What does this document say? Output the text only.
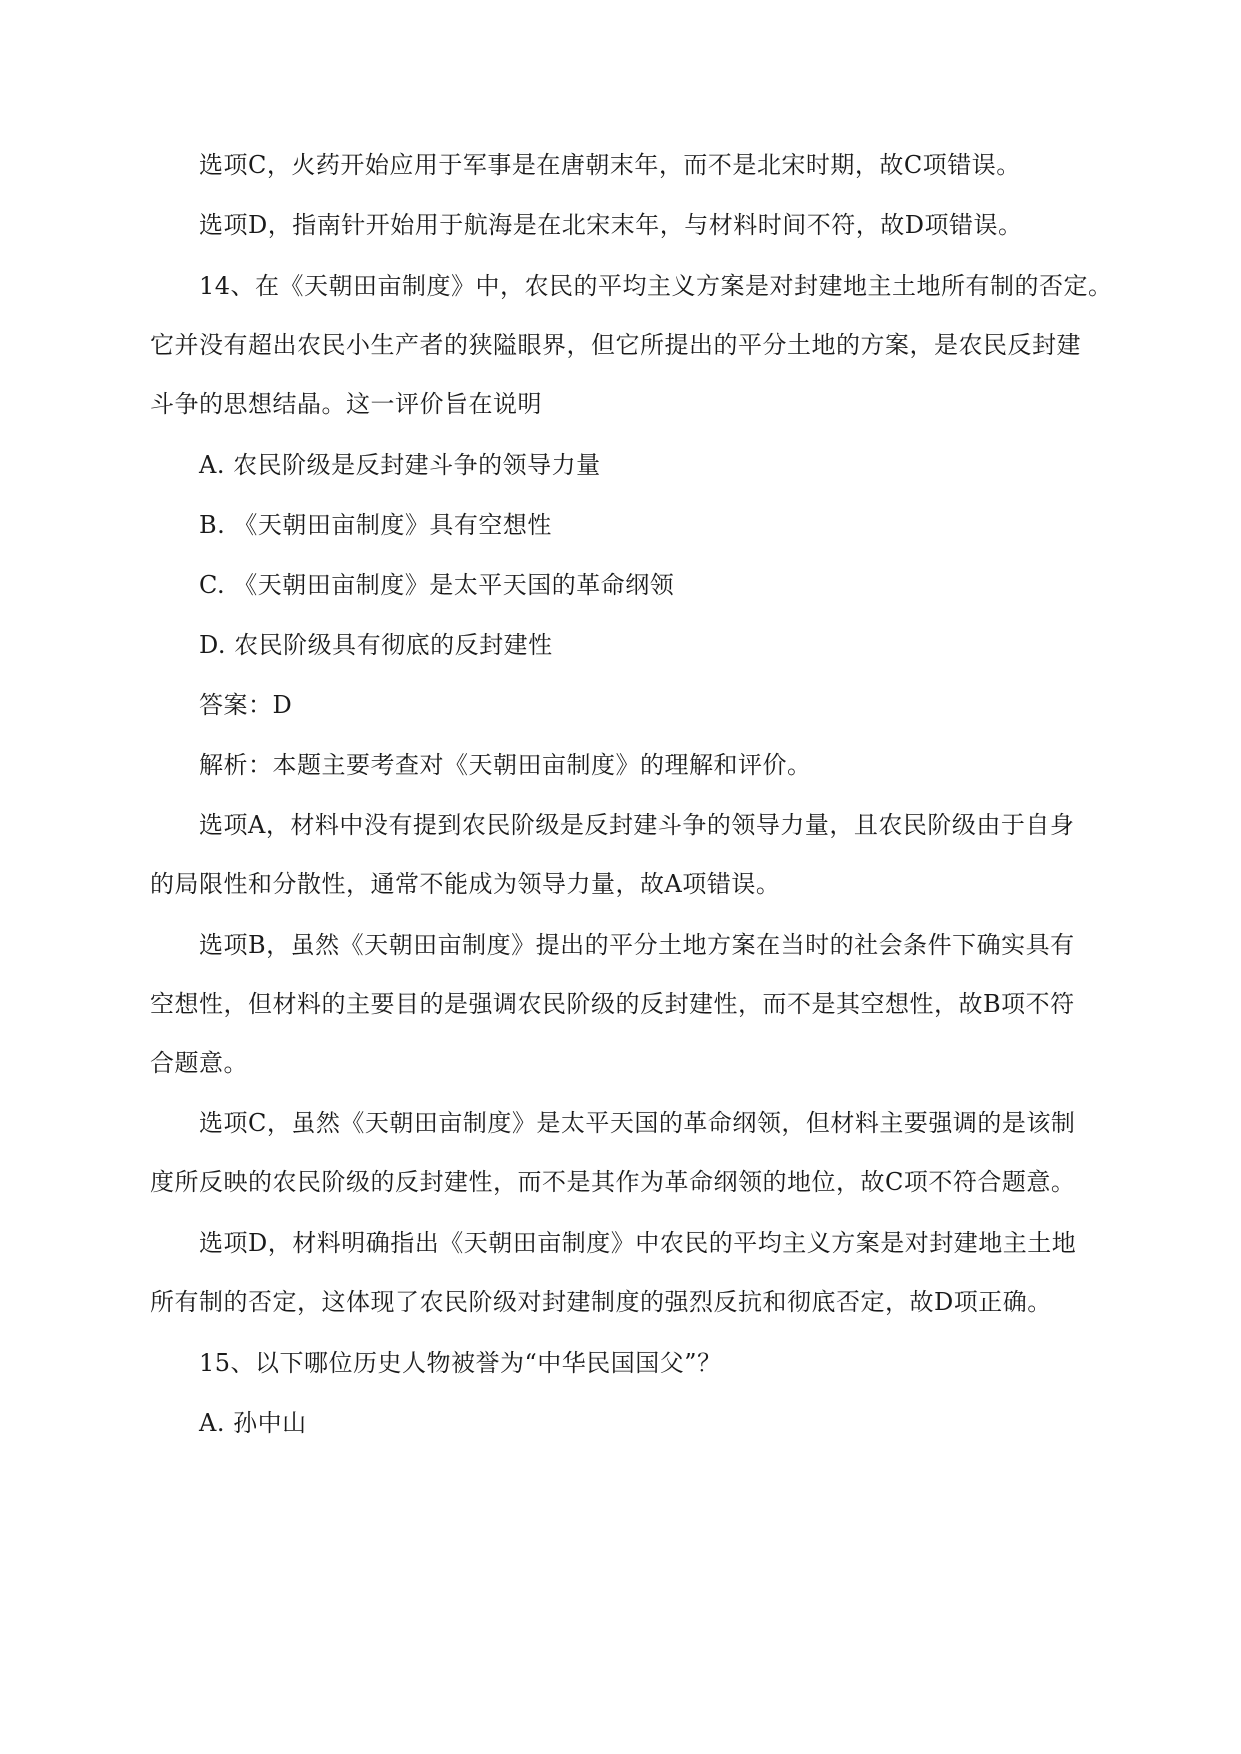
选项C，火药开始应用于军事是在唐朝末年，而不是北宋时期，故C项错误。
选项D，指南针开始用于航海是在北宋末年，与材料时间不符，故D项错误。
14、在《天朝田亩制度》中，农民的平均主义方案是对封建地主土地所有制的否定。
它并没有超出农民小生产者的狭隘眼界，但它所提出的平分土地的方案，是农民反封建
斗争的思想结晶。这一评价旨在说明
A. 农民阶级是反封建斗争的领导力量
B. 《天朝田亩制度》具有空想性
C. 《天朝田亩制度》是太平天国的革命纲领
D. 农民阶级具有彻底的反封建性
答案：D
解析：本题主要考查对《天朝田亩制度》的理解和评价。
选项A，材料中没有提到农民阶级是反封建斗争的领导力量，且农民阶级由于自身
的局限性和分散性，通常不能成为领导力量，故A项错误。
选项B，虽然《天朝田亩制度》提出的平分土地方案在当时的社会条件下确实具有
空想性，但材料的主要目的是强调农民阶级的反封建性，而不是其空想性，故B项不符
合题意。
选项C，虽然《天朝田亩制度》是太平天国的革命纲领，但材料主要强调的是该制
度所反映的农民阶级的反封建性，而不是其作为革命纲领的地位，故C项不符合题意。
选项D，材料明确指出《天朝田亩制度》中农民的平均主义方案是对封建地主土地
所有制的否定，这体现了农民阶级对封建制度的强烈反抗和彻底否定，故D项正确。
15、以下哪位历史人物被誉为“中华民国国父”？
A. 孙中山
